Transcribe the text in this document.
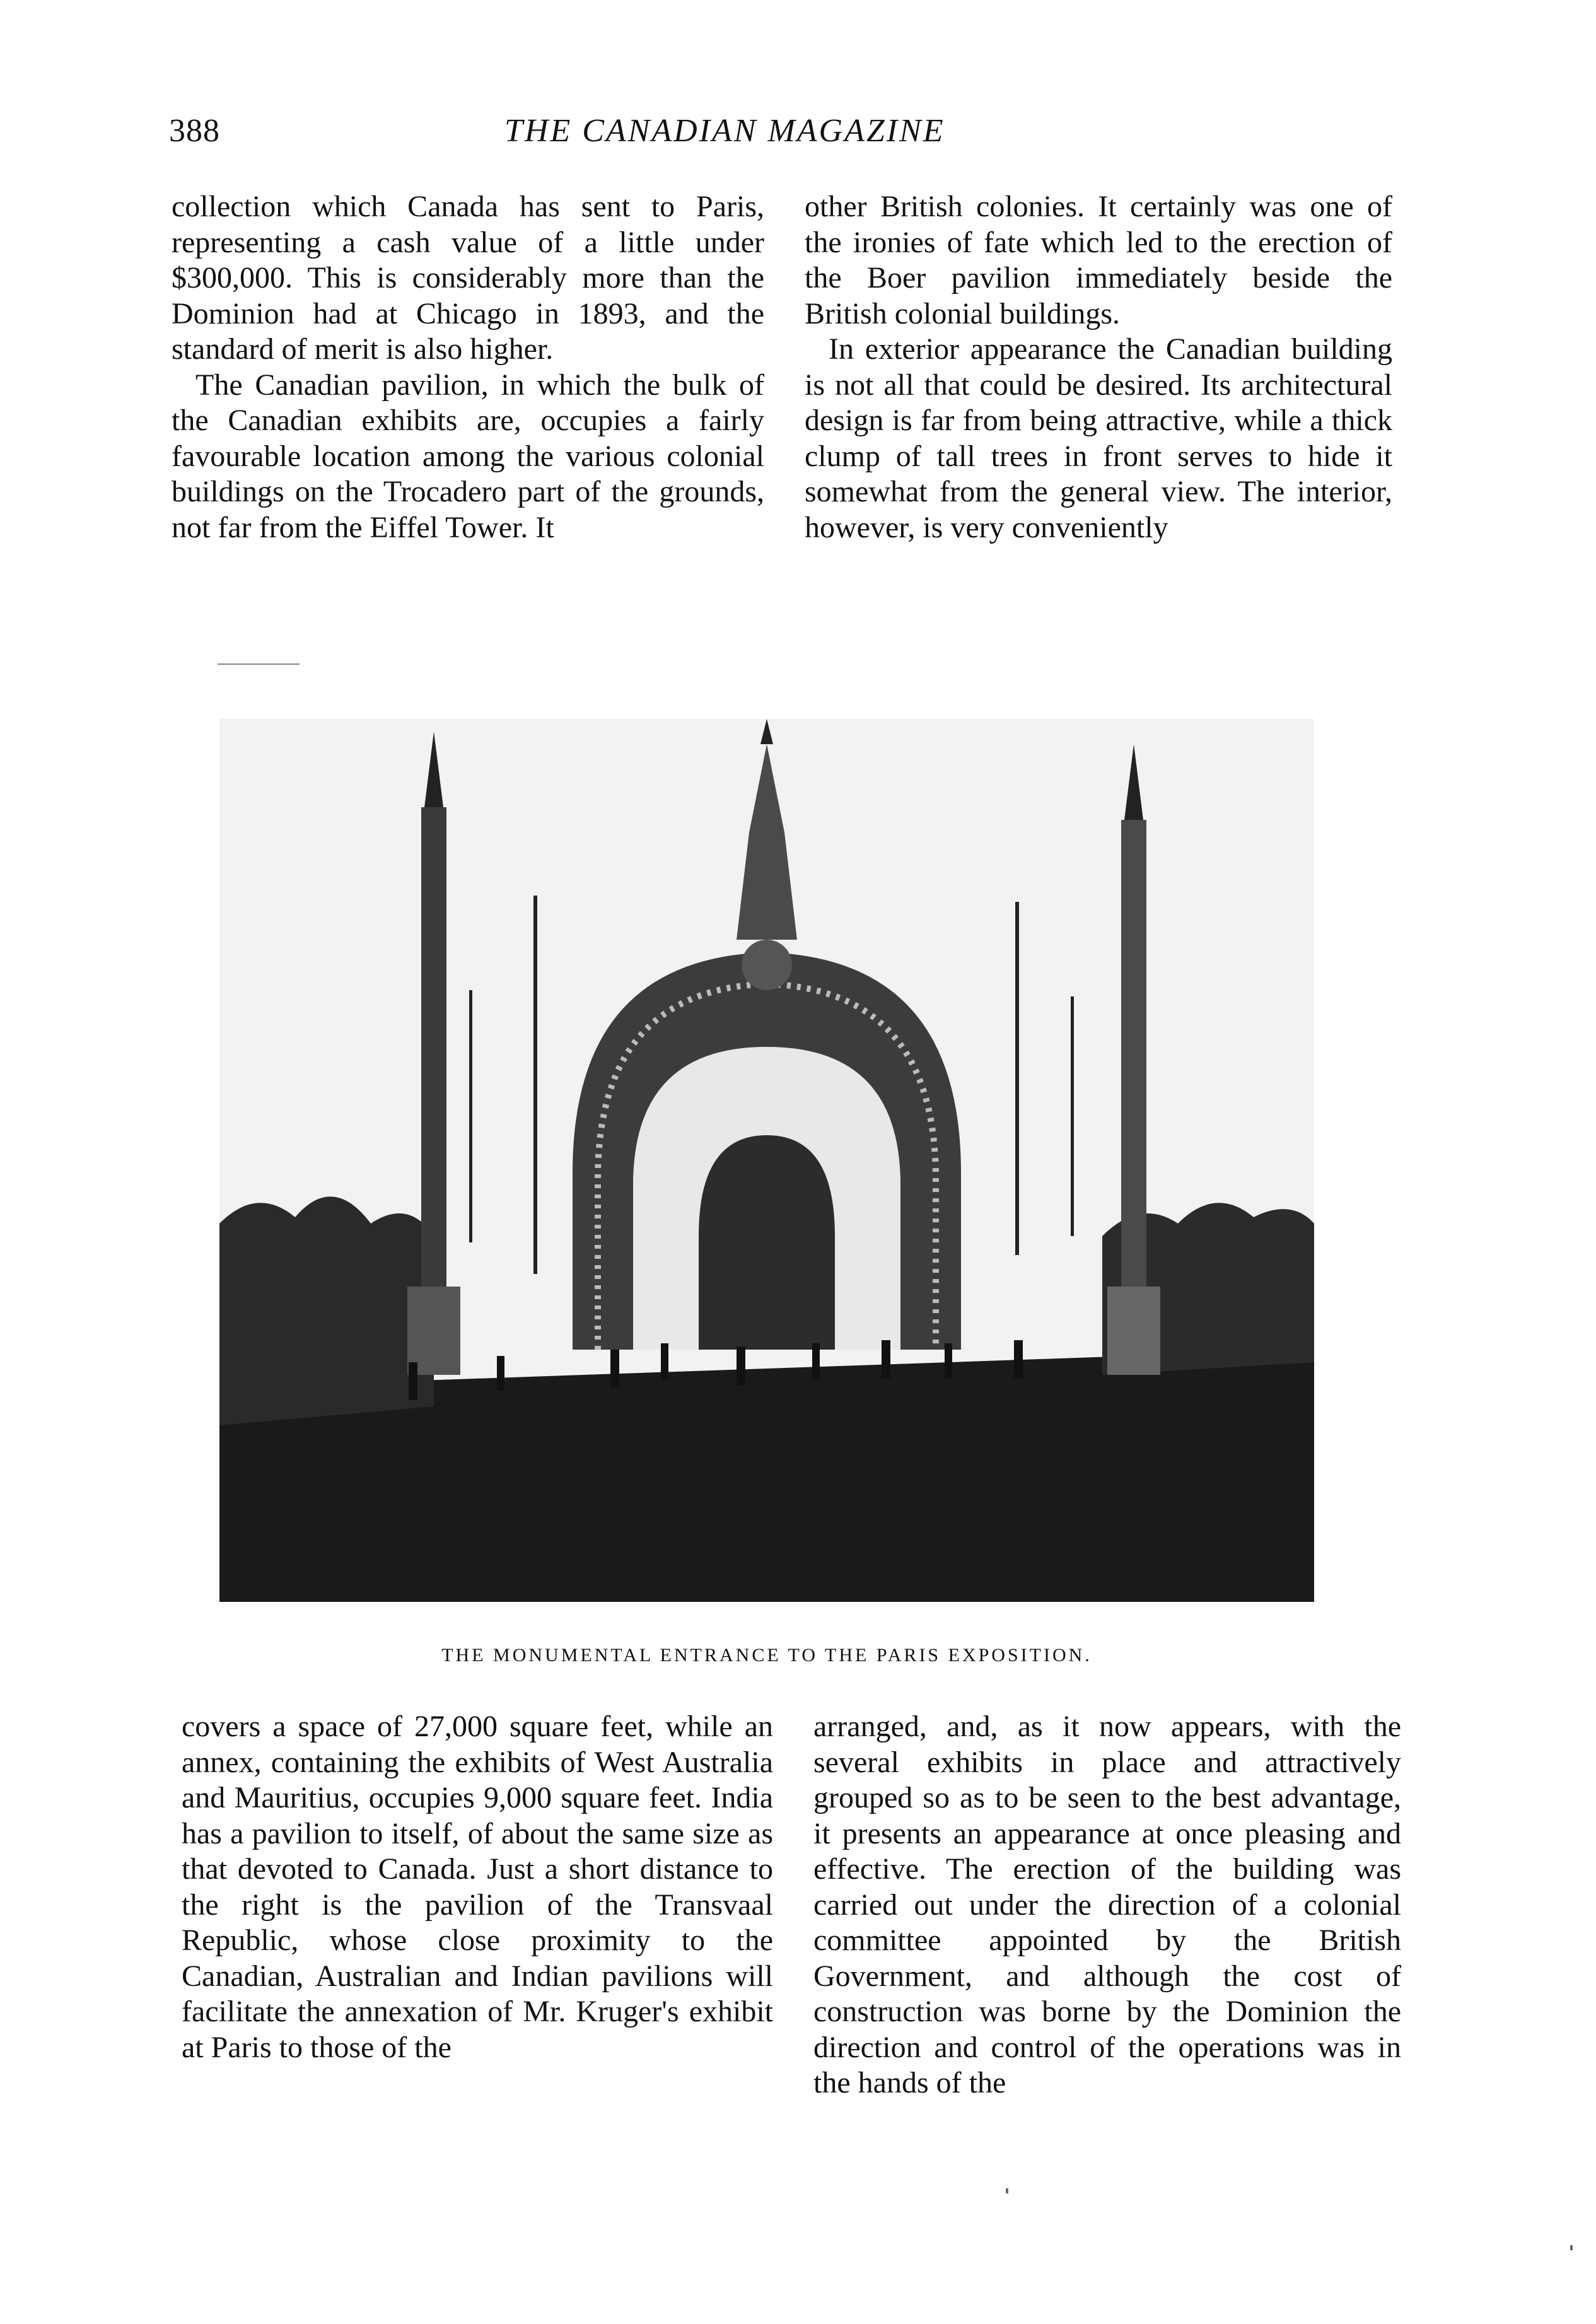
388	THE CANADIAN MAGAZINE

collection which Canada has sent to Paris, representing a cash value of a little under $300,000. This is considerably more than the Dominion had at Chicago in 1893, and the standard of merit is also higher.

The Canadian pavilion, in which the bulk of the Canadian exhibits are, occupies a fairly favourable location among the various colonial buildings on the Trocadero part of the grounds, not far from the Eiffel Tower. It

other British colonies. It certainly was one of the ironies of fate which led to the erection of the Boer pavilion immediately beside the British colonial buildings.

In exterior appearance the Canadian building is not all that could be desired. Its architectural design is far from being attractive, while a thick clump of tall trees in front serves to hide it somewhat from the general view. The interior, however, is very conveniently

THE MONUMENTAL ENTRANCE TO THE PARIS EXPOSITION.

covers a space of 27,000 square feet, while an annex, containing the exhibits of West Australia and Mauritius, occupies 9,000 square feet. India has a pavilion to itself, of about the same size as that devoted to Canada. Just a short distance to the right is the pavilion of the Transvaal Republic, whose close proximity to the Canadian, Australian and Indian pavilions will facilitate the annexation of Mr. Kruger's exhibit at Paris to those of the

arranged, and, as it now appears, with the several exhibits in place and attractively grouped so as to be seen to the best advantage, it presents an appearance at once pleasing and effective. The erection of the building was carried out under the direction of a colonial committee appointed by the British Government, and although the cost of construction was borne by the Dominion the direction and control of the operations was in the hands of the
